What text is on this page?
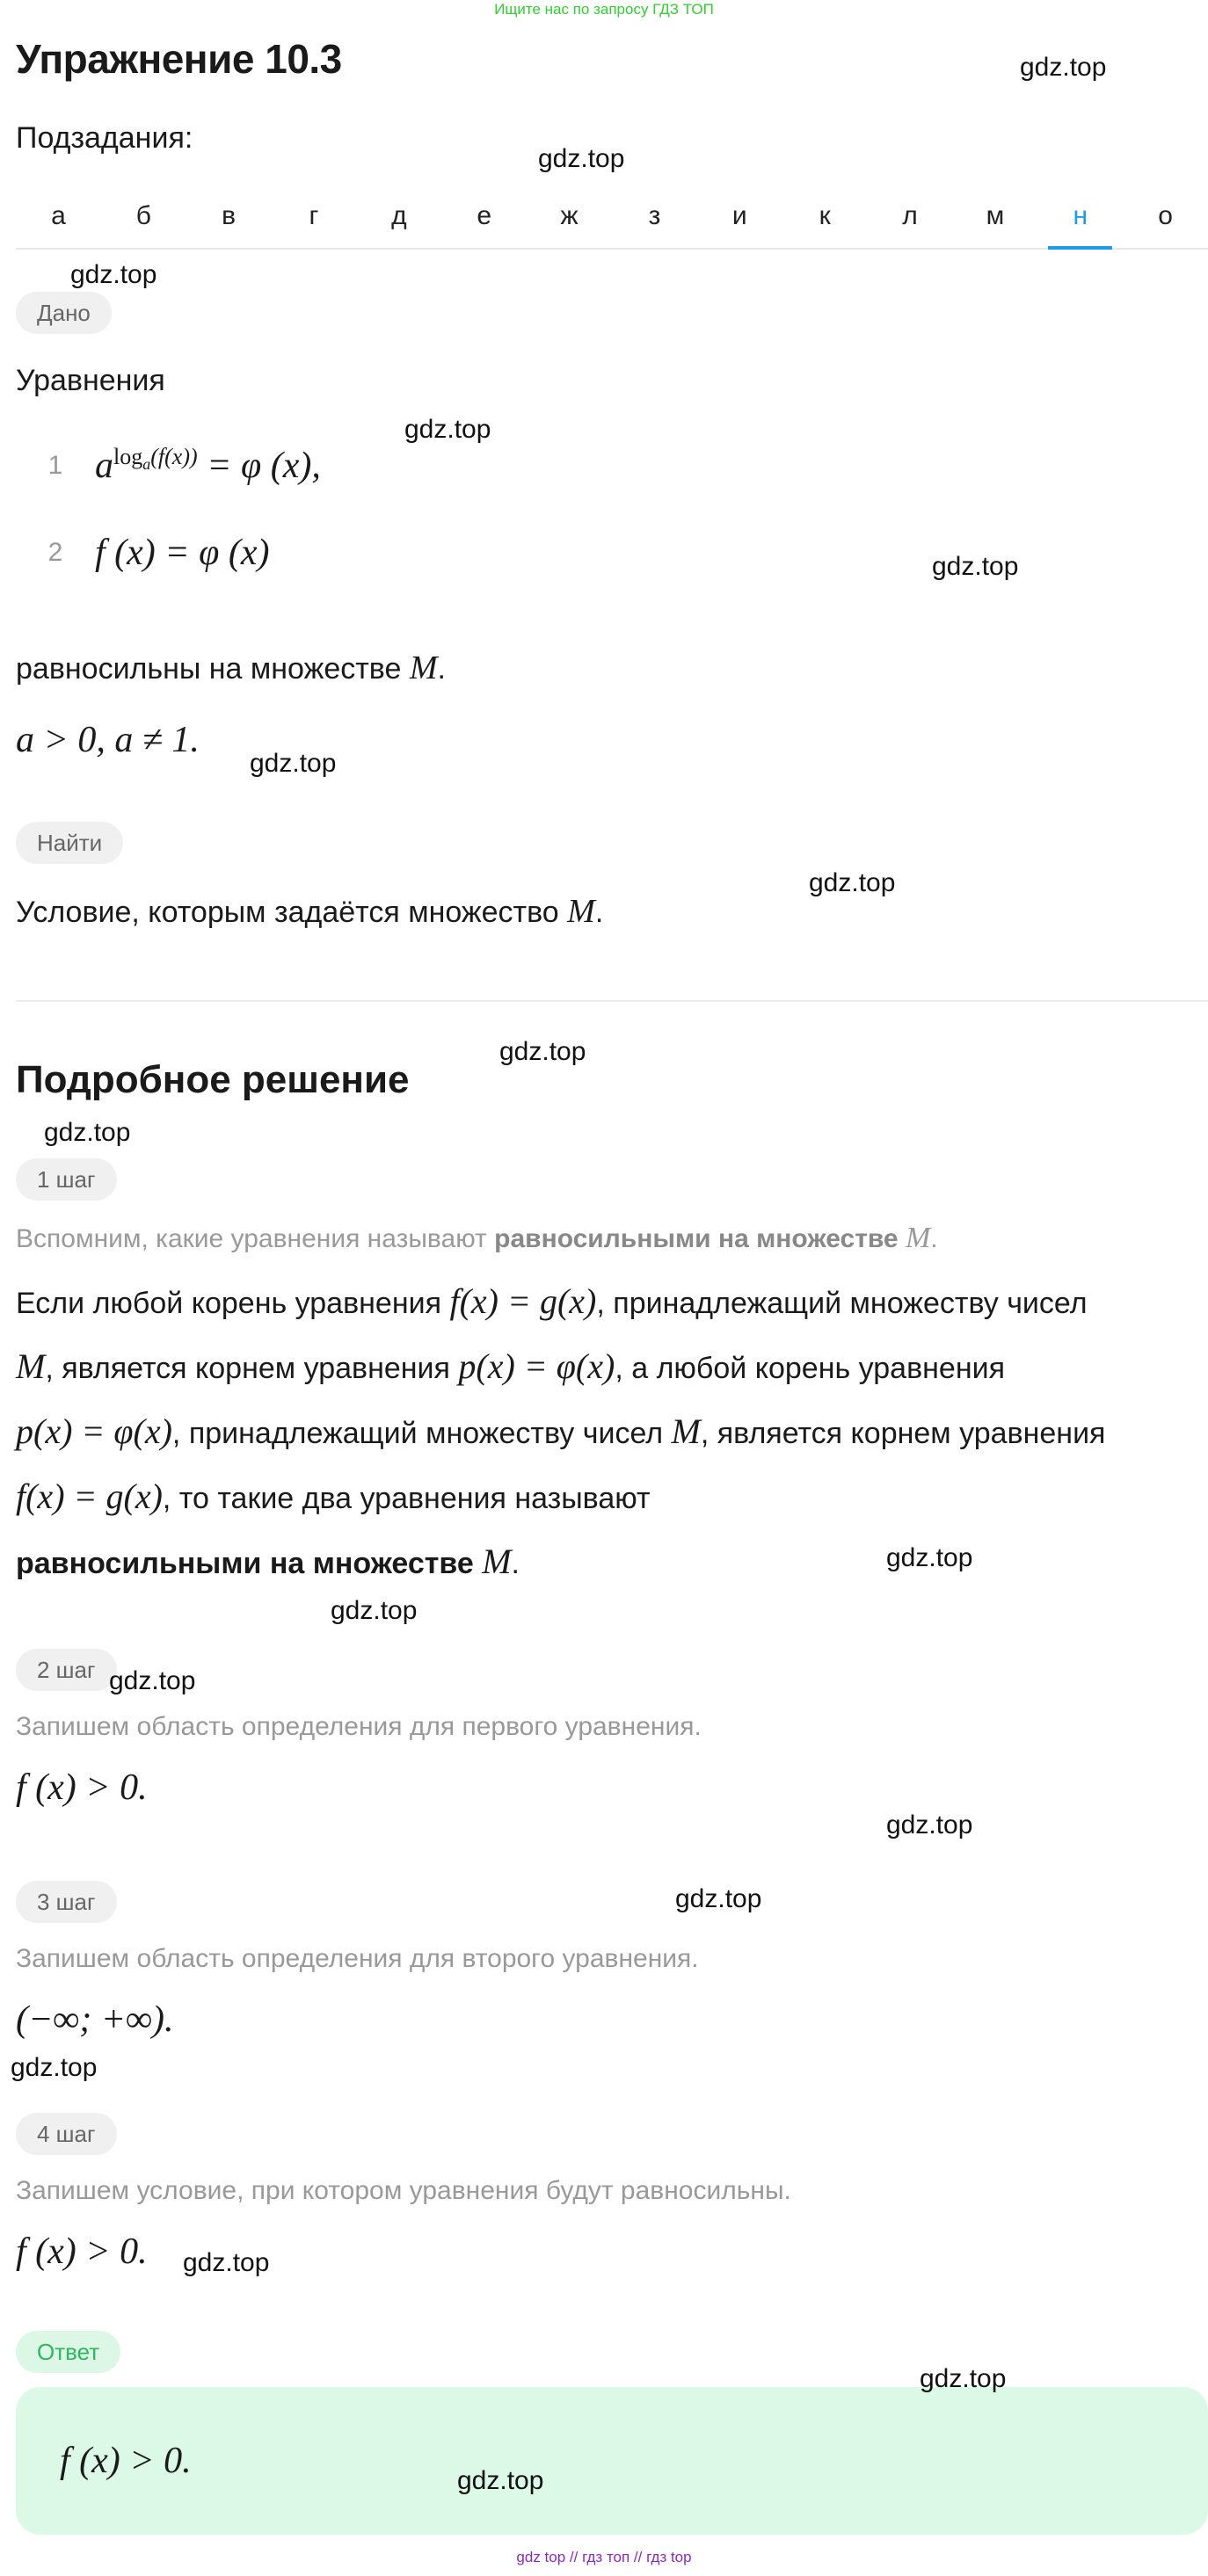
Ищите нас по запросу ГДЗ ТОП
Упражнение 10.3
Подзадания:
а	б	в	г	д	е	ж	з	и	к	л	м	н	о
Дано
Уравнения
1 $a^{log_a(f(x))} = \varphi$ (x),
2 f (x) = φ (x)
равносильны на множестве M.
a > 0, a ≠ 1.
Найти
Условие, которым задаётся множество M.
Подробное решение
1 шаг
Вспомним, какие уравнения называют равносильными на множестве M.
Если любой корень уравнения f(x) = g(x), принадлежащий множеству чисел
M, является корнем уравнения p(x) = φ(x), а любой корень уравнения
p(x) = φ(x), принадлежащий множеству чисел M, является корнем уравнения
f(x) = g(x), то такие два уравнения называют
равносильными на множестве M.
2 шаг
Запишем область определения для первого уравнения.
f (x) > 0.
3 шаг
Запишем область определения для второго уравнения.
(−∞; +∞).
4 шаг
Запишем условие, при котором уравнения будут равносильны.
f (x) > 0.
Ответ
f (x) > 0.
gdz.top
gdz.top
gdz.top
gdz.top
gdz.top
gdz.top
gdz.top
gdz.top
gdz.top
gdz.top
gdz.top
gdz.top
gdz.top
gdz.top
gdz.top
gdz.top
gdz.top
gdz.top
gdz top // гдз топ // гдз top
